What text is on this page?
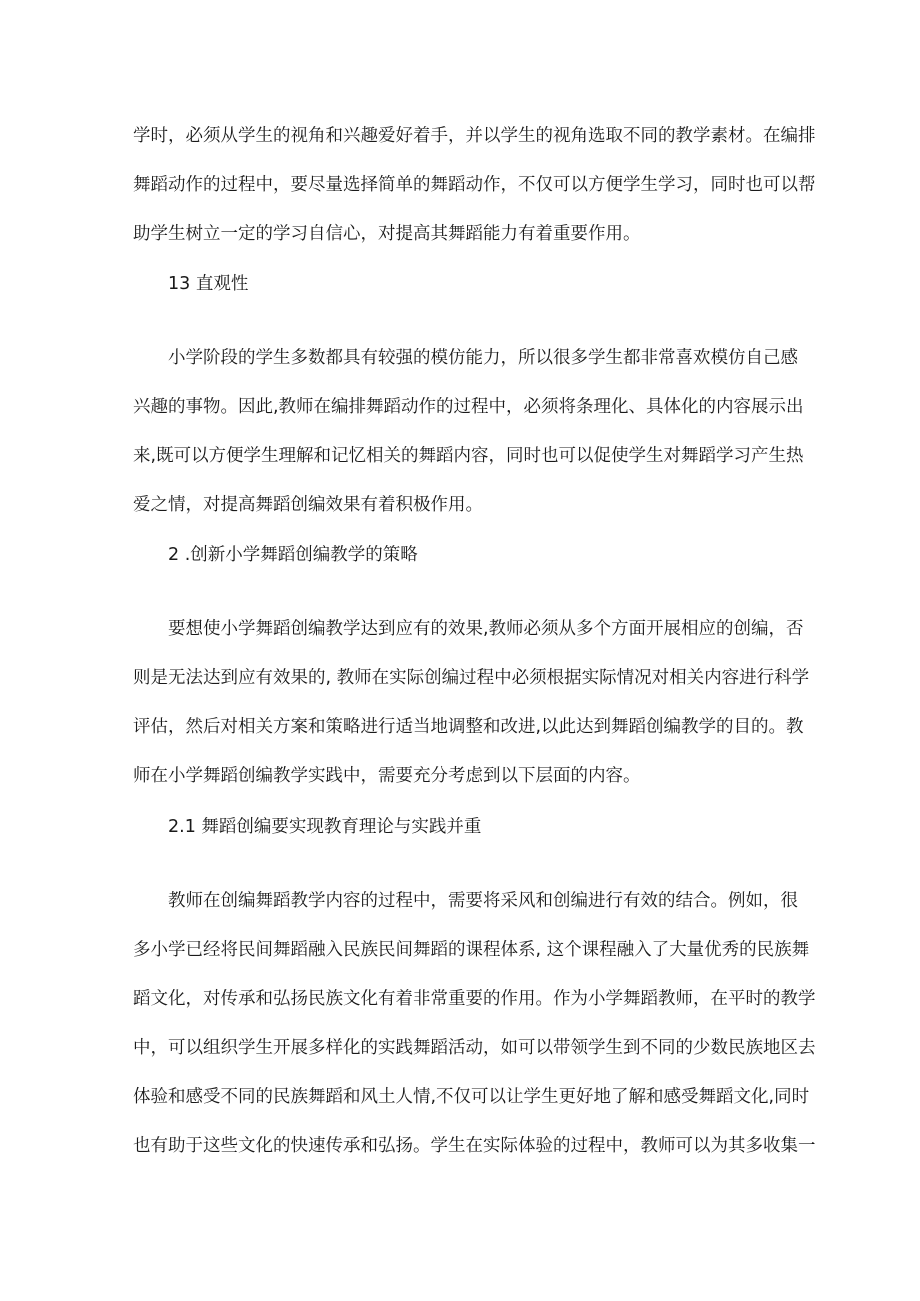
学时，必须从学生的视角和兴趣爱好着手，并以学生的视角选取不同的教学素材。在编排
舞蹈动作的过程中，要尽量选择简单的舞蹈动作，不仅可以方便学生学习，同时也可以帮
助学生树立一定的学习自信心，对提高其舞蹈能力有着重要作用。
13 直观性
小学阶段的学生多数都具有较强的模仿能力，所以很多学生都非常喜欢模仿自己感
兴趣的事物。因此,教师在编排舞蹈动作的过程中，必须将条理化、具体化的内容展示出
来,既可以方便学生理解和记忆相关的舞蹈内容，同时也可以促使学生对舞蹈学习产生热
爱之情，对提高舞蹈创编效果有着积极作用。
2 .创新小学舞蹈创编教学的策略
要想使小学舞蹈创编教学达到应有的效果,教师必须从多个方面开展相应的创编，否
则是无法达到应有效果的, 教师在实际创编过程中必须根据实际情况对相关内容进行科学
评估，然后对相关方案和策略进行适当地调整和改进,以此达到舞蹈创编教学的目的。教
师在小学舞蹈创编教学实践中，需要充分考虑到以下层面的内容。
2.1 舞蹈创编要实现教育理论与实践并重
教师在创编舞蹈教学内容的过程中，需要将采风和创编进行有效的结合。例如，很
多小学已经将民间舞蹈融入民族民间舞蹈的课程体系, 这个课程融入了大量优秀的民族舞
蹈文化，对传承和弘扬民族文化有着非常重要的作用。作为小学舞蹈教师，在平时的教学
中，可以组织学生开展多样化的实践舞蹈活动，如可以带领学生到不同的少数民族地区去
体验和感受不同的民族舞蹈和风土人情,不仅可以让学生更好地了解和感受舞蹈文化,同时
也有助于这些文化的快速传承和弘扬。学生在实际体验的过程中，教师可以为其多收集一
